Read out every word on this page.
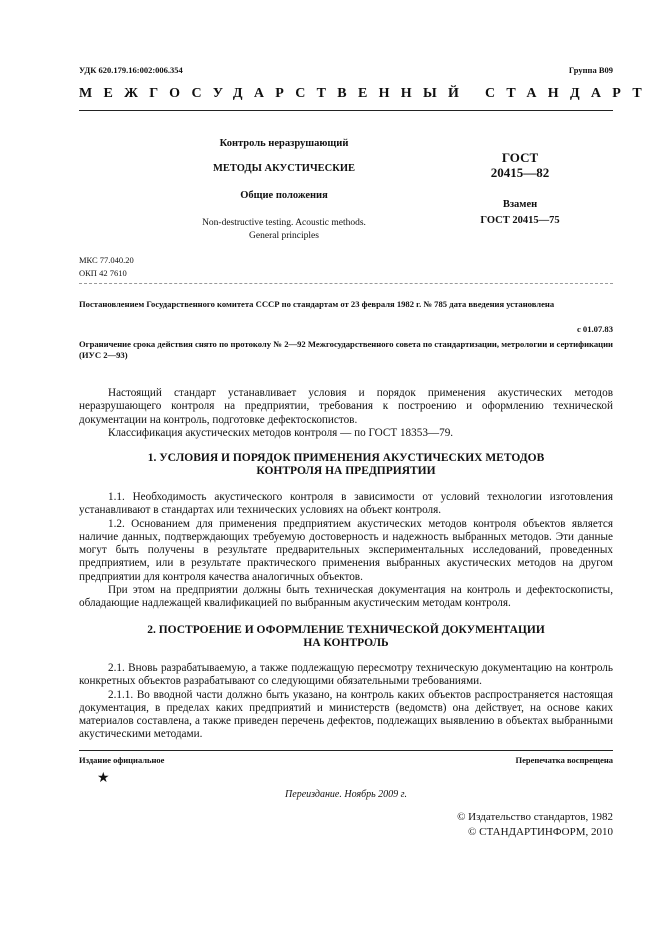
УДК 620.179.16:002:006.354	Группа В09
МЕЖГОСУДАРСТВЕННЫЙ СТАНДАРТ
Контроль неразрушающий
МЕТОДЫ АКУСТИЧЕСКИЕ
Общие положения
Non-destructive testing. Acoustic methods.
General principles
ГОСТ
20415—82
Взамен
ГОСТ 20415—75
МКС 77.040.20
ОКП 42 7610
Постановлением Государственного комитета СССР по стандартам от 23 февраля 1982 г. № 785 дата введения установлена
с 01.07.83
Ограничение срока действия снято по протоколу № 2—92 Межгосударственного совета по стандартизации, метрологии и сертификации (ИУС 2—93)

Настоящий стандарт устанавливает условия и порядок применения акустических методов неразрушающего контроля на предприятии, требования к построению и оформлению технической документации на контроль, подготовке дефектоскопистов.

Классификация акустических методов контроля — по ГОСТ 18353—79.

1. УСЛОВИЯ И ПОРЯДОК ПРИМЕНЕНИЯ АКУСТИЧЕСКИХ МЕТОДОВ
КОНТРОЛЯ НА ПРЕДПРИЯТИИ

1.1. Необходимость акустического контроля в зависимости от условий технологии изготовления устанавливают в стандартах или технических условиях на объект контроля.

1.2. Основанием для применения предприятием акустических методов контроля объектов является наличие данных, подтверждающих требуемую достоверность и надежность выбранных методов. Эти данные могут быть получены в результате предварительных экспериментальных исследований, проведенных предприятием, или в результате практического применения выбранных акустических методов на другом предприятии для контроля качества аналогичных объектов.

При этом на предприятии должны быть техническая документация на контроль и дефектоскописты, обладающие надлежащей квалификацией по выбранным акустическим методам контроля.

2. ПОСТРОЕНИЕ И ОФОРМЛЕНИЕ ТЕХНИЧЕСКОЙ ДОКУМЕНТАЦИИ
НА КОНТРОЛЬ

2.1. Вновь разрабатываемую, а также подлежащую пересмотру техническую документацию на контроль конкретных объектов разрабатывают со следующими обязательными требованиями.

2.1.1. Во вводной части должно быть указано, на контроль каких объектов распространяется настоящая документация, в пределах каких предприятий и министерств (ведомств) она действует, на основе каких материалов составлена, а также приведен перечень дефектов, подлежащих выявлению в объектах выбранными акустическими методами.

Издание официальное	Перепечатка воспрещена
★
Переиздание. Ноябрь 2009 г.
© Издательство стандартов, 1982
© СТАНДАРТИНФОРМ, 2010
